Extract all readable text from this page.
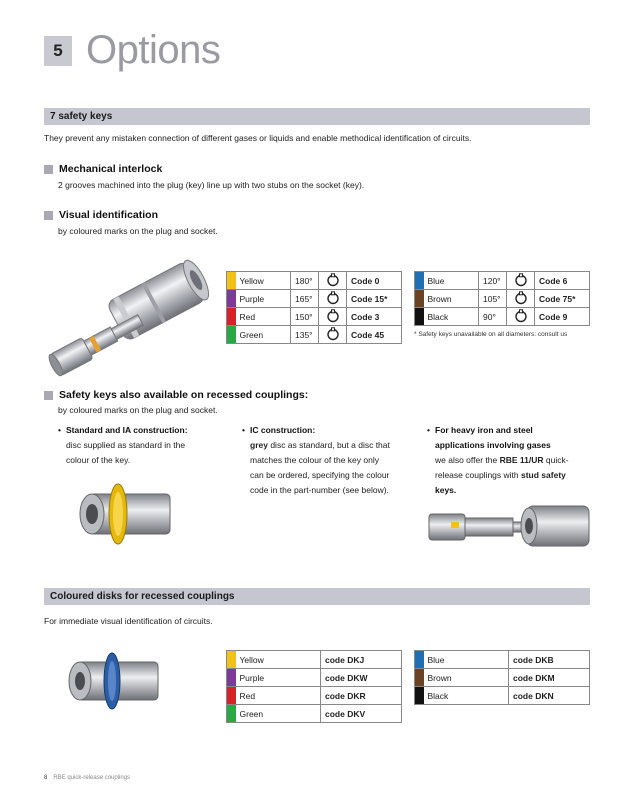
5 Options
7 safety keys
They prevent any mistaken connection of different gases or liquids and enable methodical identification of circuits.
Mechanical interlock
2 grooves machined into the plug (key) line up with two stubs on the socket (key).
Visual identification
by coloured marks on the plug and socket.
	Yellow	180°		Code 0
	Purple	165°		Code 15*
	Red	150°		Code 3
	Green	135°		Code 45
	Blue	120°		Code 6
	Brown	105°		Code 75*
	Black	90°		Code 9
* Safety keys unavailable on all diameters: consult us
Safety keys also available on recessed couplings:
by coloured marks on the plug and socket.
• Standard and IA construction:
disc supplied as standard in the
colour of the key.
• IC construction:
grey disc as standard, but a disc that
matches the colour of the key only
can be ordered, specifying the colour
code in the part-number (see below).
• For heavy iron and steel
applications involving gases
we also offer the RBE 11/UR quick-
release couplings with stud safety
keys.
Coloured disks for recessed couplings
For immediate visual identification of circuits.
	Yellow	code DKJ
	Purple	code DKW
	Red	code DKR
	Green	code DKV
	Blue	code DKB
	Brown	code DKM
	Black	code DKN
8 RBE quick-release couplings
